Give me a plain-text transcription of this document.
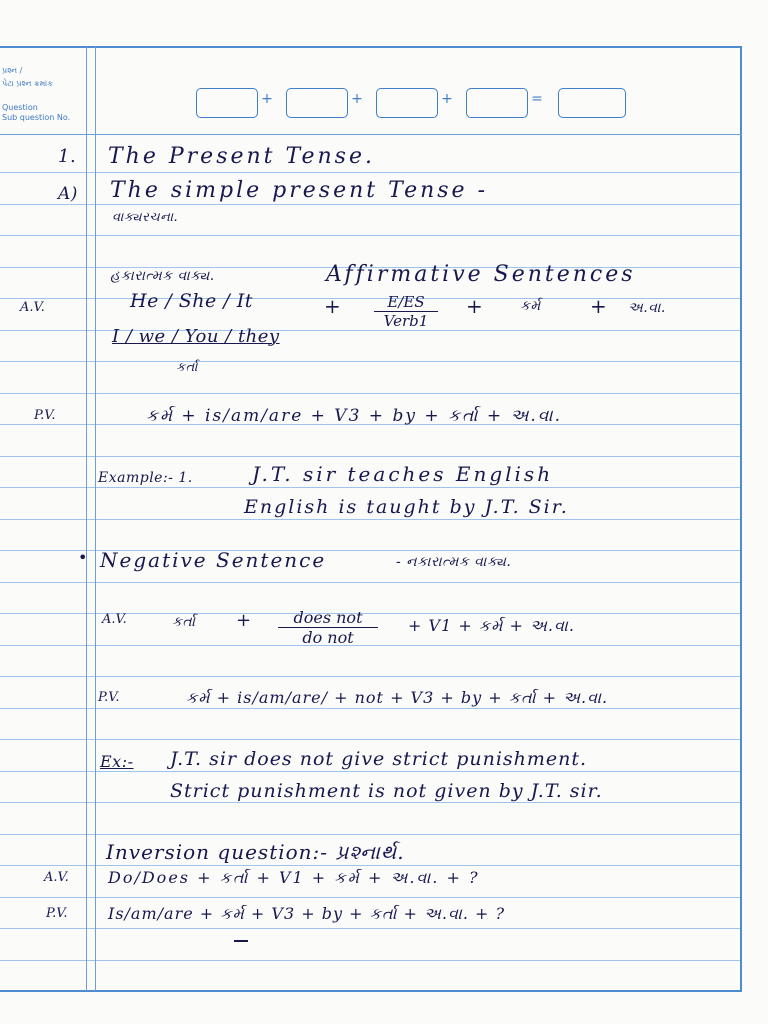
પ્રશ્ન /
પેટા પ્રશ્ન ક્રમાંક
Question
Sub question No.
+	+	+	=
1. The Present Tense.
A) The simple present Tense -
વાક્યરચના.
હકારાત્મક વાક્ય.	Affirmative Sentences
A.V.	He / She / It	+	E/ES
Verb1
+	કર્મ + અ.વા.
I / we / You / they
કર્તા
P.V.	કર્મ + is/am/are + V3 + by + કર્તા + અ.વા.
Example:- 1.	J.T. sir teaches English
English is taught by J.T. Sir.
• Negative Sentence	- નકારાત્મક વાક્ય.
A.V.	કર્તા +	does not
do not
+ V1 + કર્મ + અ.વા.
P.V.	કર્મ + is/am/are/ + not + V3 + by + કર્તા + અ.વા.
Ex:- J.T. sir does not give strict punishment.
Strict punishment is not given by J.T. sir.
Inversion question:- પ્રશ્નાર્થ.
A.V. Do/Does + કર્તા + V1 + કર્મ + અ.વા. + ?
P.V.	Is/am/are + કર્મ + V3 + by + કર્તા + અ.વા. + ?
